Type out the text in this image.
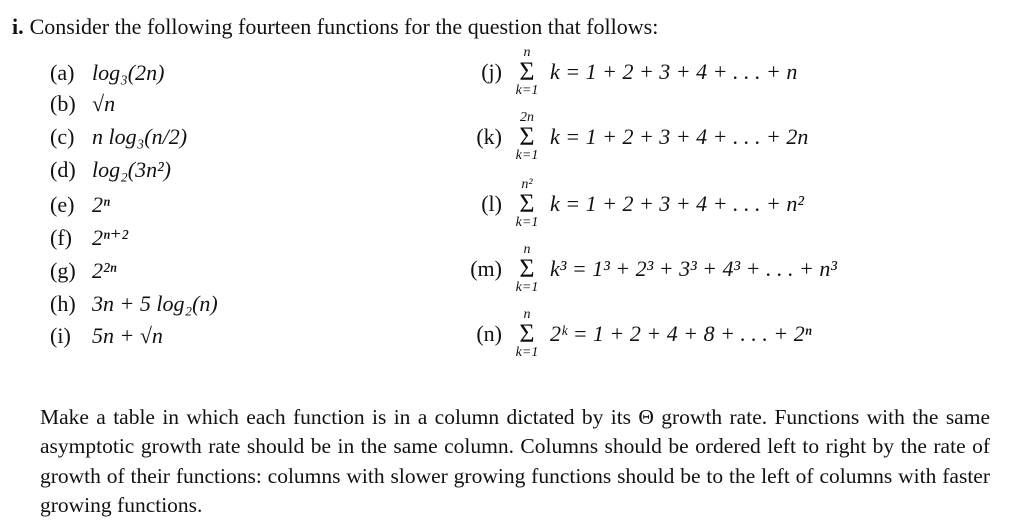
i. Consider the following fourteen functions for the question that follows:
(a) log₃(2n)
(b) √n
(c) n log₃(n/2)
(d) log₂(3n²)
(e) 2ⁿ
(f) 2ⁿ⁺²
(g) 2²ⁿ
(h) 3n + 5 log₂(n)
(i) 5n + √n
(j)
n
Σ
k=1
k = 1 + 2 + 3 + 4 + . . . + n
(k)
2n
Σ
k=1
k = 1 + 2 + 3 + 4 + . . . + 2n
(l)
n²
Σ
k=1
k = 1 + 2 + 3 + 4 + . . . + n²
(m)
n
Σ
k=1
k³ = 1³ + 2³ + 3³ + 4³ + . . . + n³
(n)
n
Σ
k=1
2ᵏ = 1 + 2 + 4 + 8 + . . . + 2ⁿ

Make a table in which each function is in a column dictated by its Θ growth rate. Functions with the same asymptotic growth rate should be in the same column. Columns should be ordered left to right by the rate of growth of their functions: columns with slower growing functions should be to the left of columns with faster growing functions.
